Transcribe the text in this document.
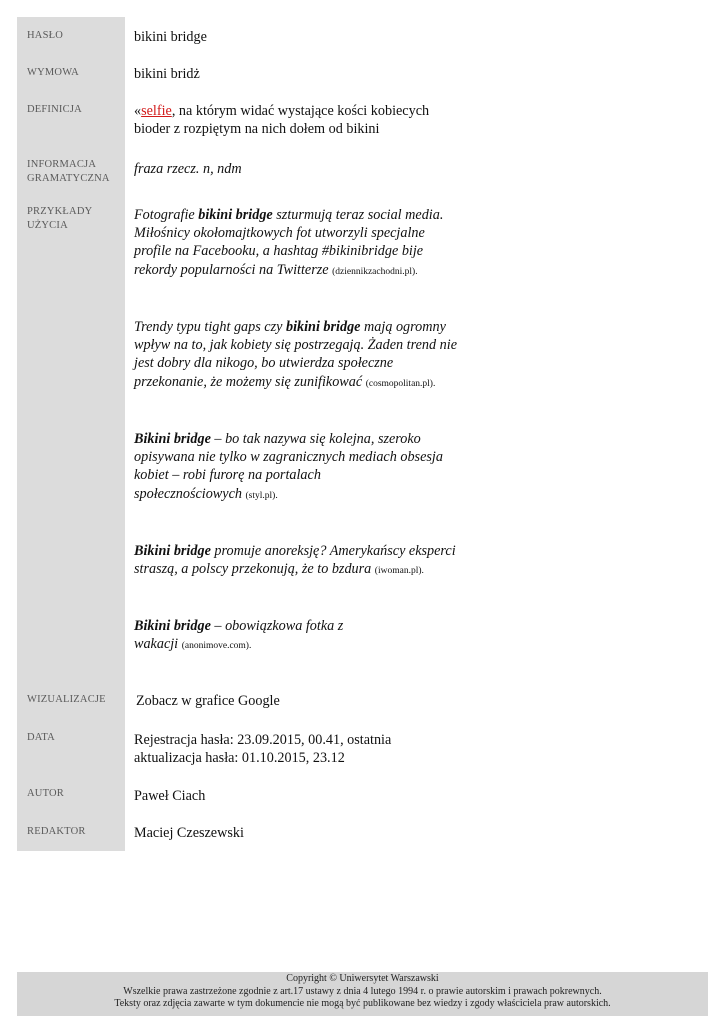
HASŁO
WYMOWA
DEFINICJA
INFORMACJA
GRAMATYCZNA
PRZYKŁADY
UŻYCIA
WIZUALIZACJE
DATA
AUTOR
REDAKTOR
bikini bridge
bikini bridż
«selfie, na którym widać wystające kości kobiecych
bioder z rozpiętym na nich dołem od bikini
fraza rzecz. n, ndm
Fotografie bikini bridge szturmują teraz social media.
Miłośnicy okołomajtkowych fot utworzyli specjalne
profile na Facebooku, a hashtag #bikinibridge bije
rekordy popularności na Twitterze (dziennikzachodni.pl).
Trendy typu tight gaps czy bikini bridge mają ogromny
wpływ na to, jak kobiety się postrzegają. Żaden trend nie
jest dobry dla nikogo, bo utwierdza społeczne
przekonanie, że możemy się zunifikować (cosmopolitan.pl).
Bikini bridge – bo tak nazywa się kolejna, szeroko
opisywana nie tylko w zagranicznych mediach obsesja
kobiet – robi furorę na portalach
społecznościowych (styl.pl).
Bikini bridge promuje anoreksję? Amerykańscy eksperci
straszą, a polscy przekonują, że to bzdura (iwoman.pl).
Bikini bridge – obowiązkowa fotka z
wakacji (anonimove.com).
Zobacz w grafice Google
Rejestracja hasła: 23.09.2015, 00.41, ostatnia
aktualizacja hasła: 01.10.2015, 23.12
Paweł Ciach
Maciej Czeszewski
Copyright © Uniwersytet Warszawski
Wszelkie prawa zastrzeżone zgodnie z art.17 ustawy z dnia 4 lutego 1994 r. o prawie autorskim i prawach pokrewnych.
Teksty oraz zdjęcia zawarte w tym dokumencie nie mogą być publikowane bez wiedzy i zgody właściciela praw autorskich.
